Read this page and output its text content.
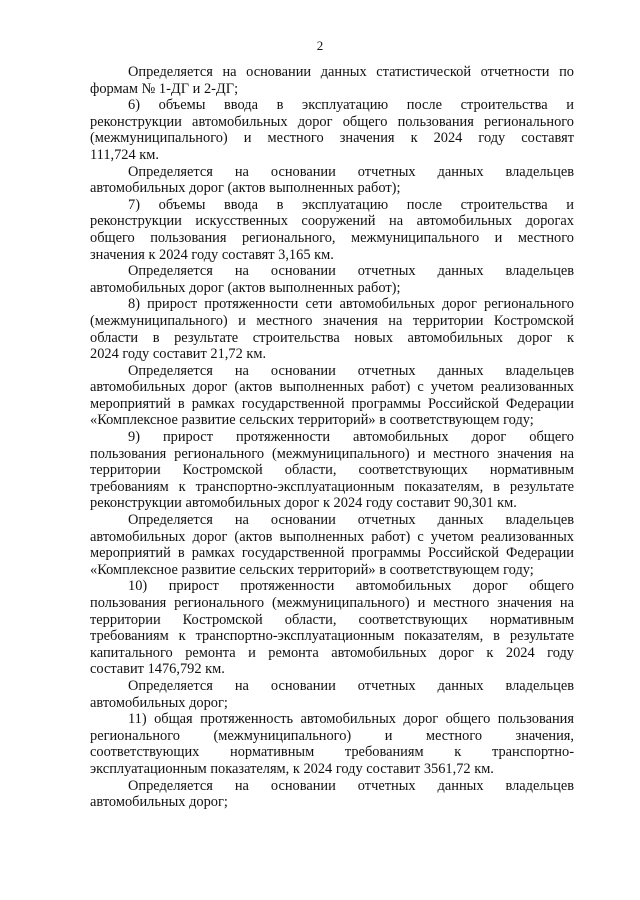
2
Определяется на основании данных статистической отчетности по
формам № 1-ДГ и 2-ДГ;
6) объемы ввода в эксплуатацию после строительства и
реконструкции автомобильных дорог общего пользования регионального
(межмуниципального) и местного значения к 2024 году составят
111,724 км.
Определяется на основании отчетных данных владельцев
автомобильных дорог (актов выполненных работ);
7) объемы ввода в эксплуатацию после строительства и
реконструкции искусственных сооружений на автомобильных дорогах
общего пользования регионального, межмуниципального и местного
значения к 2024 году составят 3,165 км.
Определяется на основании отчетных данных владельцев
автомобильных дорог (актов выполненных работ);
8) прирост протяженности сети автомобильных дорог регионального
(межмуниципального) и местного значения на территории Костромской
области в результате строительства новых автомобильных дорог к
2024 году составит 21,72 км.
Определяется на основании отчетных данных владельцев
автомобильных дорог (актов выполненных работ) с учетом реализованных
мероприятий в рамках государственной программы Российской Федерации
«Комплексное развитие сельских территорий» в соответствующем году;
9) прирост протяженности автомобильных дорог общего
пользования регионального (межмуниципального) и местного значения на
территории Костромской области, соответствующих нормативным
требованиям к транспортно-эксплуатационным показателям, в результате
реконструкции автомобильных дорог к 2024 году составит 90,301 км.
Определяется на основании отчетных данных владельцев
автомобильных дорог (актов выполненных работ) с учетом реализованных
мероприятий в рамках государственной программы Российской Федерации
«Комплексное развитие сельских территорий» в соответствующем году;
10) прирост протяженности автомобильных дорог общего
пользования регионального (межмуниципального) и местного значения на
территории Костромской области, соответствующих нормативным
требованиям к транспортно-эксплуатационным показателям, в результате
капитального ремонта и ремонта автомобильных дорог к 2024 году
составит 1476,792 км.
Определяется на основании отчетных данных владельцев
автомобильных дорог;
11) общая протяженность автомобильных дорог общего пользования
регионального (межмуниципального) и местного значения,
соответствующих нормативным требованиям к транспортно-
эксплуатационным показателям, к 2024 году составит 3561,72 км.
Определяется на основании отчетных данных владельцев
автомобильных дорог;
